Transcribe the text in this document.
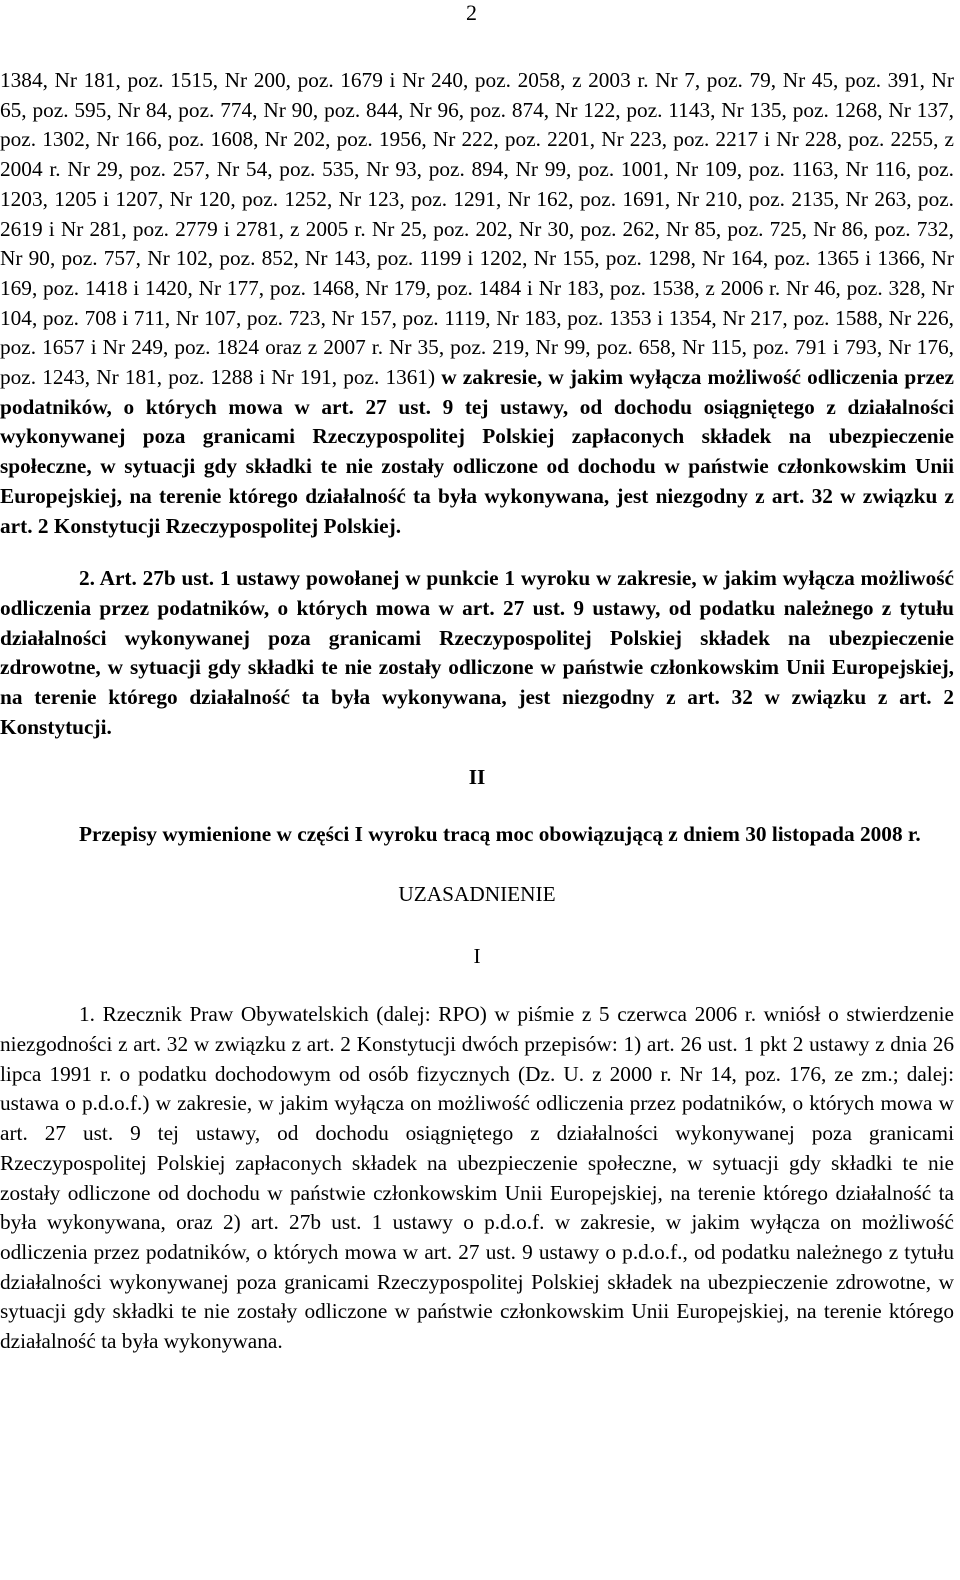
2

1384, Nr 181, poz. 1515, Nr 200, poz. 1679 i Nr 240, poz. 2058, z 2003 r. Nr 7, poz. 79, Nr 45, poz. 391, Nr 65, poz. 595, Nr 84, poz. 774, Nr 90, poz. 844, Nr 96, poz. 874, Nr 122, poz. 1143, Nr 135, poz. 1268, Nr 137, poz. 1302, Nr 166, poz. 1608, Nr 202, poz. 1956, Nr 222, poz. 2201, Nr 223, poz. 2217 i Nr 228, poz. 2255, z 2004 r. Nr 29, poz. 257, Nr 54, poz. 535, Nr 93, poz. 894, Nr 99, poz. 1001, Nr 109, poz. 1163, Nr 116, poz. 1203, 1205 i 1207, Nr 120, poz. 1252, Nr 123, poz. 1291, Nr 162, poz. 1691, Nr 210, poz. 2135, Nr 263, poz. 2619 i Nr 281, poz. 2779 i 2781, z 2005 r. Nr 25, poz. 202, Nr 30, poz. 262, Nr 85, poz. 725, Nr 86, poz. 732, Nr 90, poz. 757, Nr 102, poz. 852, Nr 143, poz. 1199 i 1202, Nr 155, poz. 1298, Nr 164, poz. 1365 i 1366, Nr 169, poz. 1418 i 1420, Nr 177, poz. 1468, Nr 179, poz. 1484 i Nr 183, poz. 1538, z 2006 r. Nr 46, poz. 328, Nr 104, poz. 708 i 711, Nr 107, poz. 723, Nr 157, poz. 1119, Nr 183, poz. 1353 i 1354, Nr 217, poz. 1588, Nr 226, poz. 1657 i Nr 249, poz. 1824 oraz z 2007 r. Nr 35, poz. 219, Nr 99, poz. 658, Nr 115, poz. 791 i 793, Nr 176, poz. 1243, Nr 181, poz. 1288 i Nr 191, poz. 1361) w zakresie, w jakim wyłącza możliwość odliczenia przez podatników, o których mowa w art. 27 ust. 9 tej ustawy, od dochodu osiągniętego z działalności wykonywanej poza granicami Rzeczypospolitej Polskiej zapłaconych składek na ubezpieczenie społeczne, w sytuacji gdy składki te nie zostały odliczone od dochodu w państwie członkowskim Unii Europejskiej, na terenie którego działalność ta była wykonywana, jest niezgodny z art. 32 w związku z art. 2 Konstytucji Rzeczypospolitej Polskiej.

2. Art. 27b ust. 1 ustawy powołanej w punkcie 1 wyroku w zakresie, w jakim wyłącza możliwość odliczenia przez podatników, o których mowa w art. 27 ust. 9 ustawy, od podatku należnego z tytułu działalności wykonywanej poza granicami Rzeczypospolitej Polskiej składek na ubezpieczenie zdrowotne, w sytuacji gdy składki te nie zostały odliczone w państwie członkowskim Unii Europejskiej, na terenie którego działalność ta była wykonywana, jest niezgodny z art. 32 w związku z art. 2 Konstytucji.

II

Przepisy wymienione w części I wyroku tracą moc obowiązującą z dniem 30 listopada 2008 r.

UZASADNIENIE

I

1. Rzecznik Praw Obywatelskich (dalej: RPO) w piśmie z 5 czerwca 2006 r. wniósł o stwierdzenie niezgodności z art. 32 w związku z art. 2 Konstytucji dwóch przepisów: 1) art. 26 ust. 1 pkt 2 ustawy z dnia 26 lipca 1991 r. o podatku dochodowym od osób fizycznych (Dz. U. z 2000 r. Nr 14, poz. 176, ze zm.; dalej: ustawa o p.d.o.f.) w zakresie, w jakim wyłącza on możliwość odliczenia przez podatników, o których mowa w art. 27 ust. 9 tej ustawy, od dochodu osiągniętego z działalności wykonywanej poza granicami Rzeczypospolitej Polskiej zapłaconych składek na ubezpieczenie społeczne, w sytuacji gdy składki te nie zostały odliczone od dochodu w państwie członkowskim Unii Europejskiej, na terenie którego działalność ta była wykonywana, oraz 2) art. 27b ust. 1 ustawy o p.d.o.f. w zakresie, w jakim wyłącza on możliwość odliczenia przez podatników, o których mowa w art. 27 ust. 9 ustawy o p.d.o.f., od podatku należnego z tytułu działalności wykonywanej poza granicami Rzeczypospolitej Polskiej składek na ubezpieczenie zdrowotne, w sytuacji gdy składki te nie zostały odliczone w państwie członkowskim Unii Europejskiej, na terenie którego działalność ta była wykonywana.
